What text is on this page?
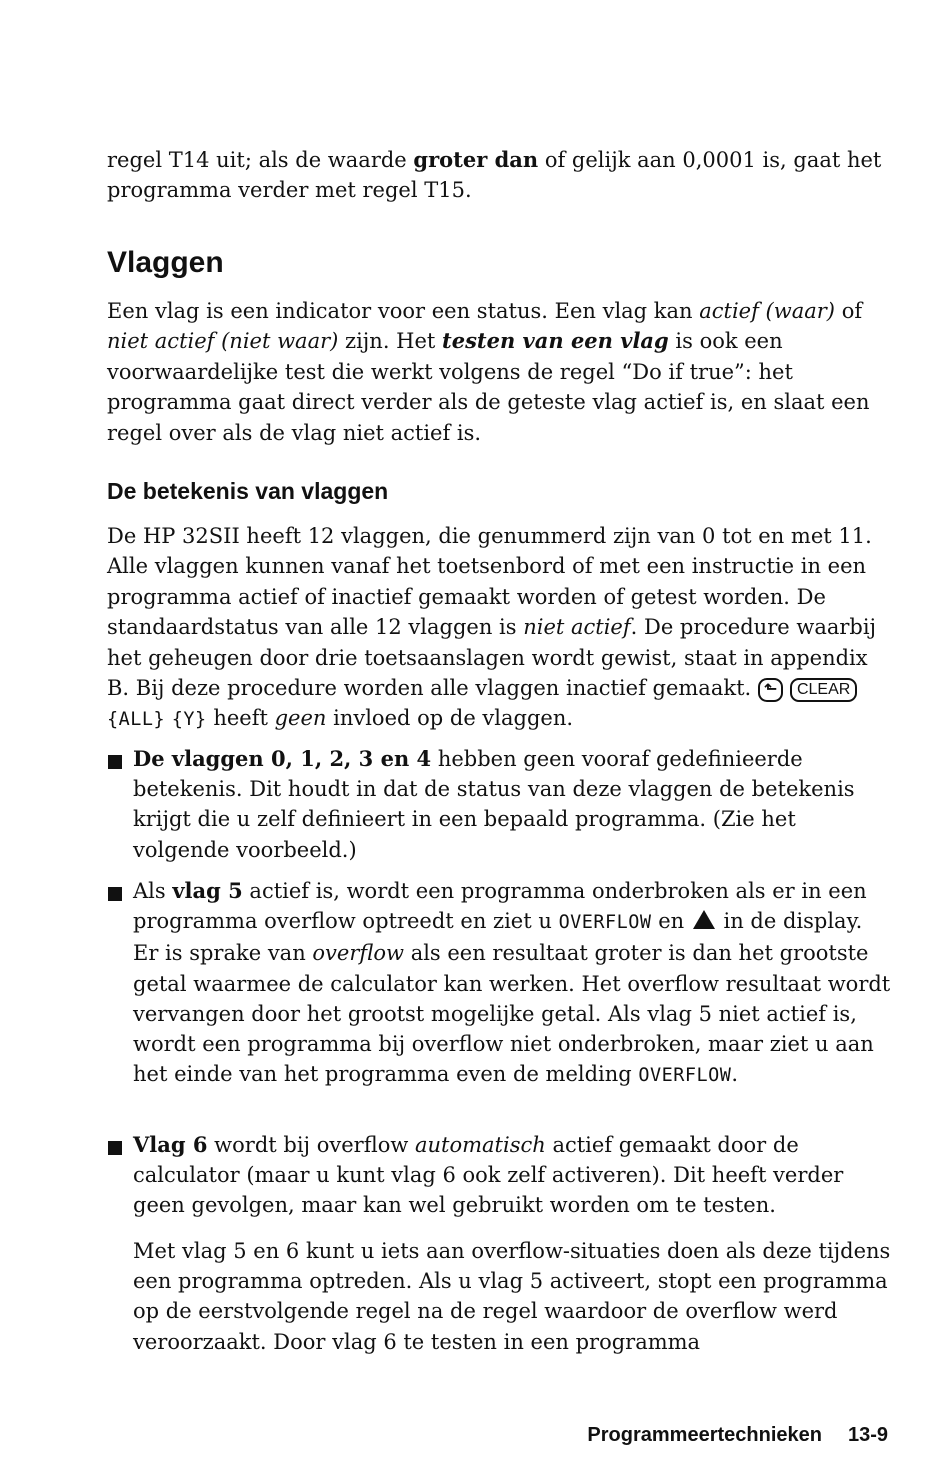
regel T14 uit; als de waarde groter dan of gelijk aan 0,0001 is, gaat het programma verder met regel T15.

Vlaggen

Een vlag is een indicator voor een status. Een vlag kan actief (waar) of niet actief (niet waar) zijn. Het testen van een vlag is ook een voorwaardelijke test die werkt volgens de regel “Do if true”: het programma gaat direct verder als de geteste vlag actief is, en slaat een regel over als de vlag niet actief is.

De betekenis van vlaggen

De HP 32SII heeft 12 vlaggen, die genummerd zijn van 0 tot en met 11. Alle vlaggen kunnen vanaf het toetsenbord of met een instructie in een programma actief of inactief gemaakt worden of getest worden. De standaardstatus van alle 12 vlaggen is niet actief. De procedure waarbij het geheugen door drie toetsaanslagen wordt gewist, staat in appendix B. Bij deze procedure worden alle vlaggen inactief gemaakt. ⬑ CLEAR {ALL} {Y} heeft geen invloed op de vlaggen.

De vlaggen 0, 1, 2, 3 en 4 hebben geen vooraf gedefinieerde betekenis. Dit houdt in dat de status van deze vlaggen de betekenis krijgt die u zelf definieert in een bepaald programma. (Zie het volgende voorbeeld.)

Als vlag 5 actief is, wordt een programma onderbroken als er in een programma overflow optreedt en ziet u OVERFLOW en  in de display. Er is sprake van overflow als een resultaat groter is dan het grootste getal waarmee de calculator kan werken. Het overflow resultaat wordt vervangen door het grootst mogelijke getal. Als vlag 5 niet actief is, wordt een programma bij overflow niet onderbroken, maar ziet u aan het einde van het programma even de melding OVERFLOW.

Vlag 6 wordt bij overflow automatisch actief gemaakt door de calculator (maar u kunt vlag 6 ook zelf activeren). Dit heeft verder geen gevolgen, maar kan wel gebruikt worden om te testen.

Met vlag 5 en 6 kunt u iets aan overflow-situaties doen als deze tijdens een programma optreden. Als u vlag 5 activeert, stopt een programma op de eerstvolgende regel na de regel waardoor de overflow werd veroorzaakt. Door vlag 6 te testen in een programma

Programmeertechnieken 13-9
